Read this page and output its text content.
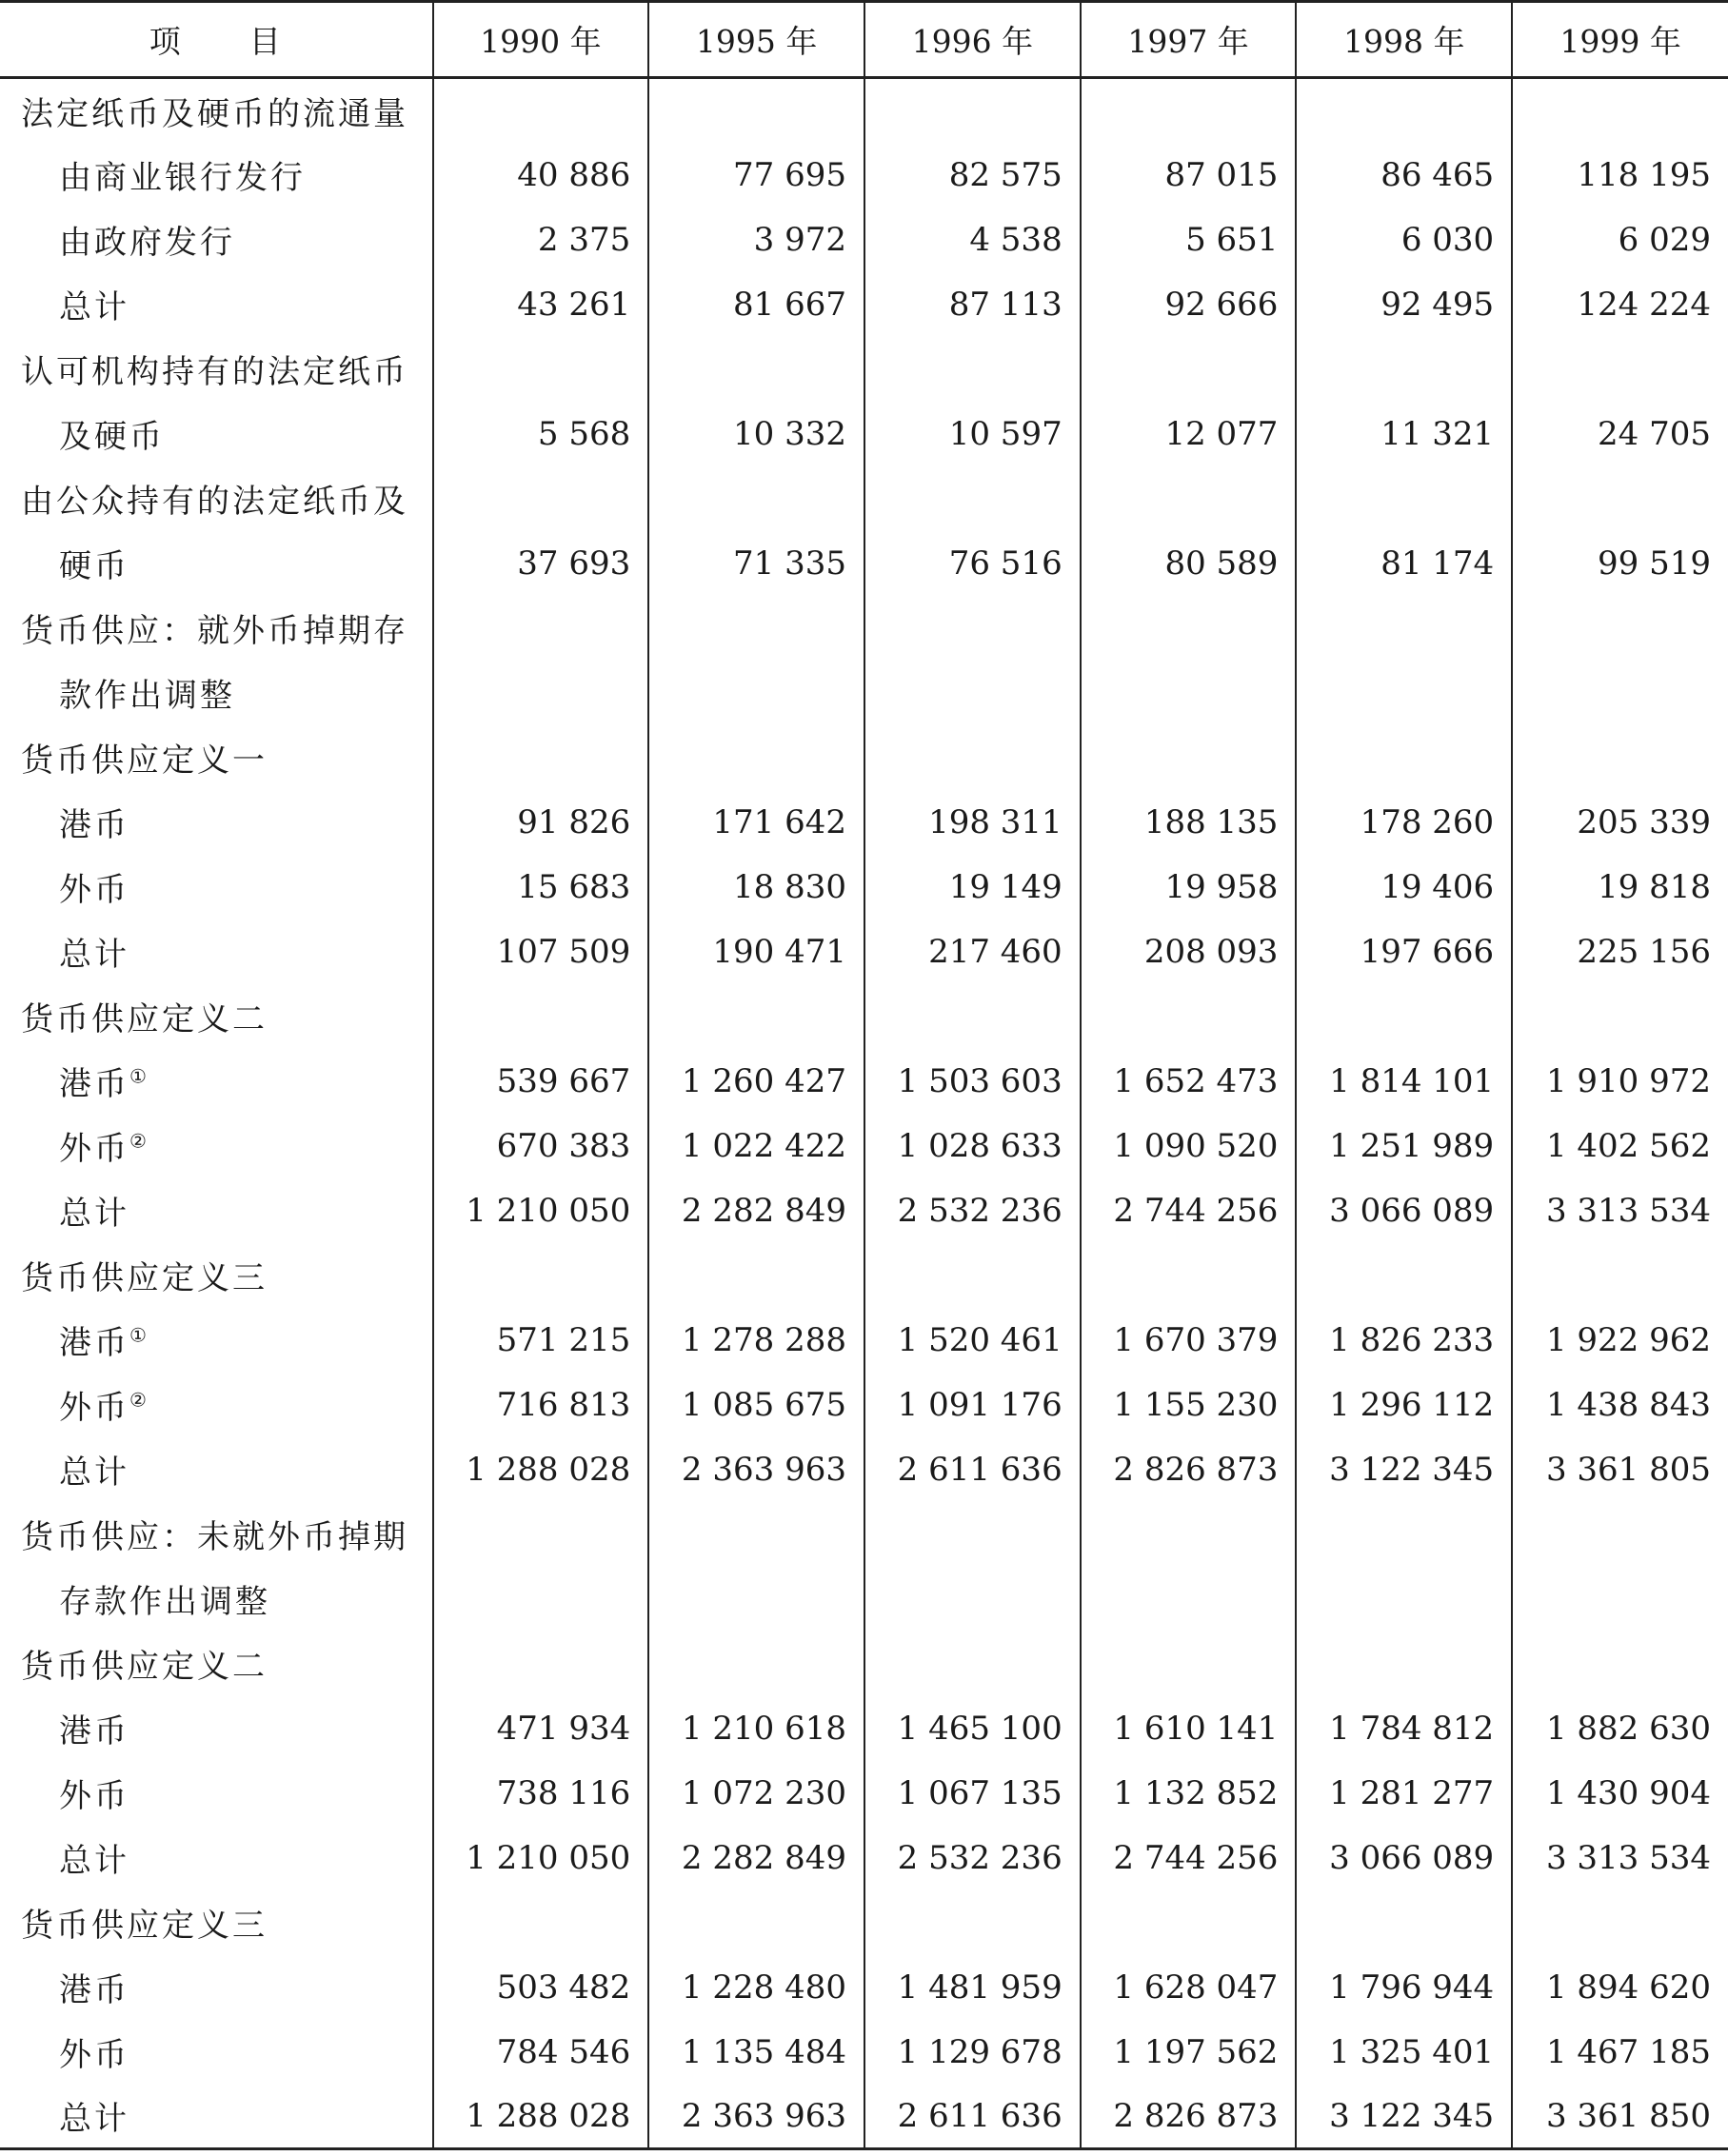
项　　目	1990 年	1995 年	1996 年	1997 年	1998 年	1999 年
法定纸币及硬币的流通量						
由商业银行发行	40 886	77 695	82 575	87 015	86 465	118 195
由政府发行	2 375	3 972	4 538	5 651	6 030	6 029
总计	43 261	81 667	87 113	92 666	92 495	124 224
认可机构持有的法定纸币						
及硬币	5 568	10 332	10 597	12 077	11 321	24 705
由公众持有的法定纸币及						
硬币	37 693	71 335	76 516	80 589	81 174	99 519
货币供应：就外币掉期存						
款作出调整						
货币供应定义一						
港币	91 826	171 642	198 311	188 135	178 260	205 339
外币	15 683	18 830	19 149	19 958	19 406	19 818
总计	107 509	190 471	217 460	208 093	197 666	225 156
货币供应定义二						
港币①	539 667	1 260 427	1 503 603	1 652 473	1 814 101	1 910 972
外币②	670 383	1 022 422	1 028 633	1 090 520	1 251 989	1 402 562
总计	1 210 050	2 282 849	2 532 236	2 744 256	3 066 089	3 313 534
货币供应定义三						
港币①	571 215	1 278 288	1 520 461	1 670 379	1 826 233	1 922 962
外币②	716 813	1 085 675	1 091 176	1 155 230	1 296 112	1 438 843
总计	1 288 028	2 363 963	2 611 636	2 826 873	3 122 345	3 361 805
货币供应：未就外币掉期						
存款作出调整						
货币供应定义二						
港币	471 934	1 210 618	1 465 100	1 610 141	1 784 812	1 882 630
外币	738 116	1 072 230	1 067 135	1 132 852	1 281 277	1 430 904
总计	1 210 050	2 282 849	2 532 236	2 744 256	3 066 089	3 313 534
货币供应定义三						
港币	503 482	1 228 480	1 481 959	1 628 047	1 796 944	1 894 620
外币	784 546	1 135 484	1 129 678	1 197 562	1 325 401	1 467 185
总计	1 288 028	2 363 963	2 611 636	2 826 873	3 122 345	3 361 850
